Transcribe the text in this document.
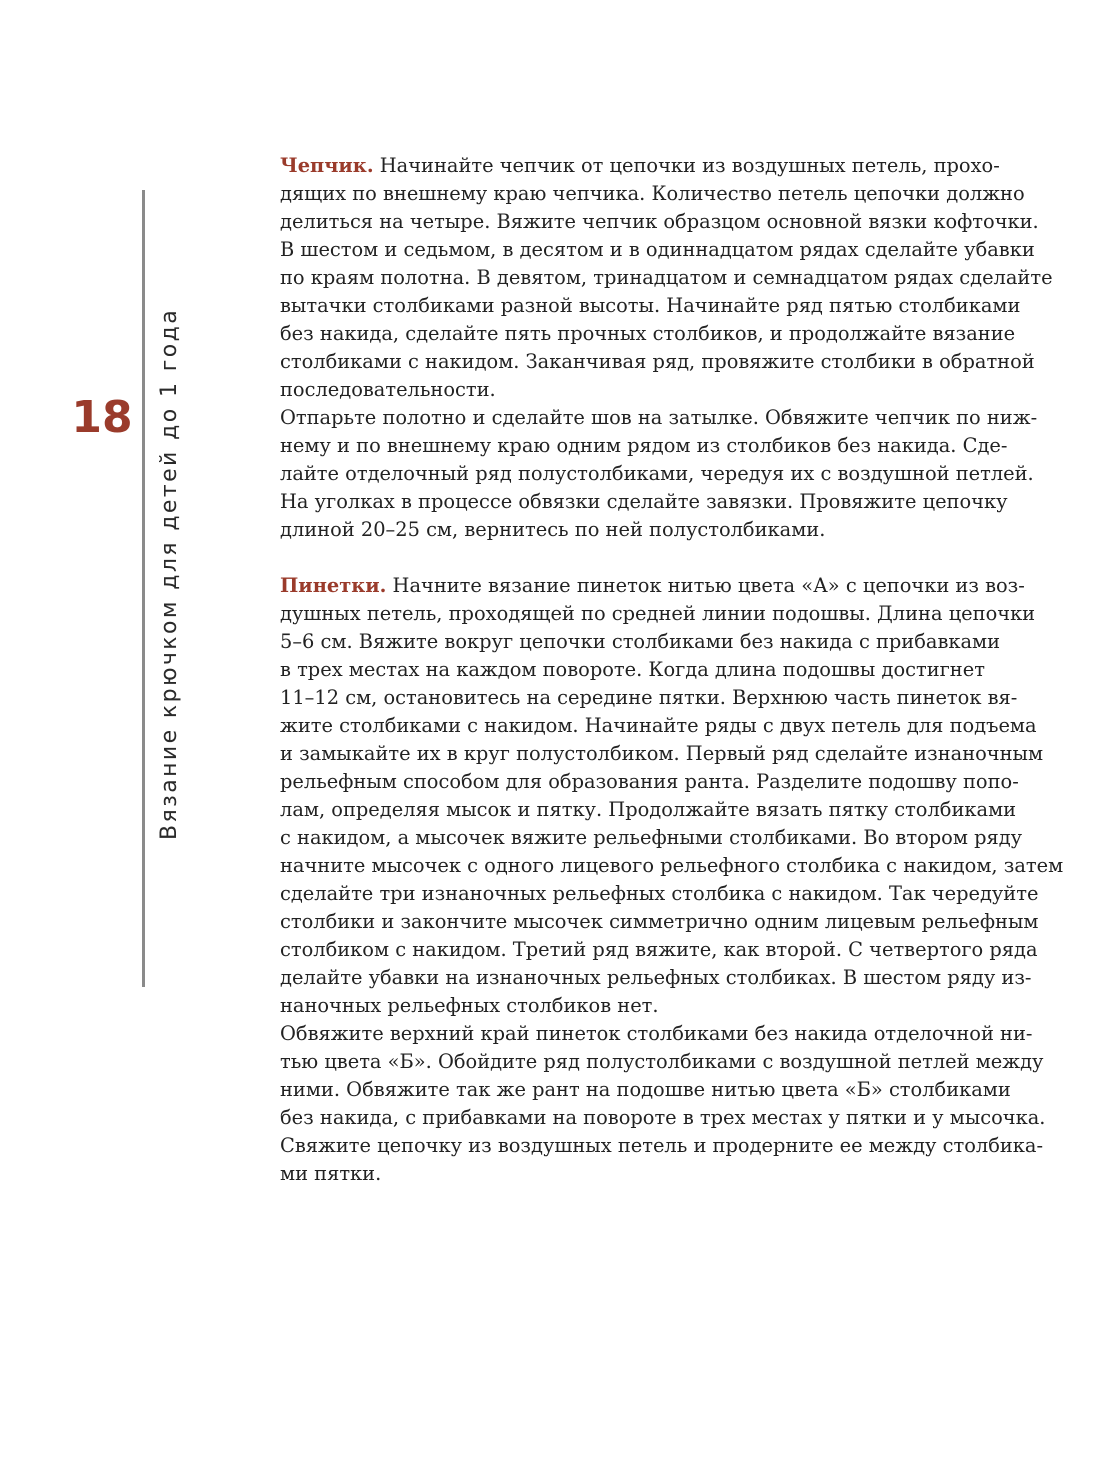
18	Вязание крючком для детей до 1 года
Чепчик. Начинайте чепчик от цепочки из воздушных петель, прохо-
дящих по внешнему краю чепчика. Количество петель цепочки должно
делиться на четыре. Вяжите чепчик образцом основной вязки кофточки.
В шестом и седьмом, в десятом и в одиннадцатом рядах сделайте убавки
по краям полотна. В девятом, тринадцатом и семнадцатом рядах сделайте
вытачки столбиками разной высоты. Начинайте ряд пятью столбиками
без накида, сделайте пять прочных столбиков, и продолжайте вязание
столбиками с накидом. Заканчивая ряд, провяжите столбики в обратной
последовательности.
Отпарьте полотно и сделайте шов на затылке. Обвяжите чепчик по ниж-
нему и по внешнему краю одним рядом из столбиков без накида. Сде-
лайте отделочный ряд полустолбиками, чередуя их с воздушной петлей.
На уголках в процессе обвязки сделайте завязки. Провяжите цепочку
длиной 20–25 см, вернитесь по ней полустолбиками.
Пинетки. Начните вязание пинеток нитью цвета «А» с цепочки из воз-
душных петель, проходящей по средней линии подошвы. Длина цепочки
5–6 см. Вяжите вокруг цепочки столбиками без накида с прибавками
в трех местах на каждом повороте. Когда длина подошвы достигнет
11–12 см, остановитесь на середине пятки. Верхнюю часть пинеток вя-
жите столбиками с накидом. Начинайте ряды с двух петель для подъема
и замыкайте их в круг полустолбиком. Первый ряд сделайте изнаночным
рельефным способом для образования ранта. Разделите подошву попо-
лам, определяя мысок и пятку. Продолжайте вязать пятку столбиками
с накидом, а мысочек вяжите рельефными столбиками. Во втором ряду
начните мысочек с одного лицевого рельефного столбика с накидом, затем
сделайте три изнаночных рельефных столбика с накидом. Так чередуйте
столбики и закончите мысочек симметрично одним лицевым рельефным
столбиком с накидом. Третий ряд вяжите, как второй. С четвертого ряда
делайте убавки на изнаночных рельефных столбиках. В шестом ряду из-
наночных рельефных столбиков нет.
Обвяжите верхний край пинеток столбиками без накида отделочной ни-
тью цвета «Б». Обойдите ряд полустолбиками с воздушной петлей между
ними. Обвяжите так же рант на подошве нитью цвета «Б» столбиками
без накида, с прибавками на повороте в трех местах у пятки и у мысочка.
Свяжите цепочку из воздушных петель и продерните ее между столбика-
ми пятки.
